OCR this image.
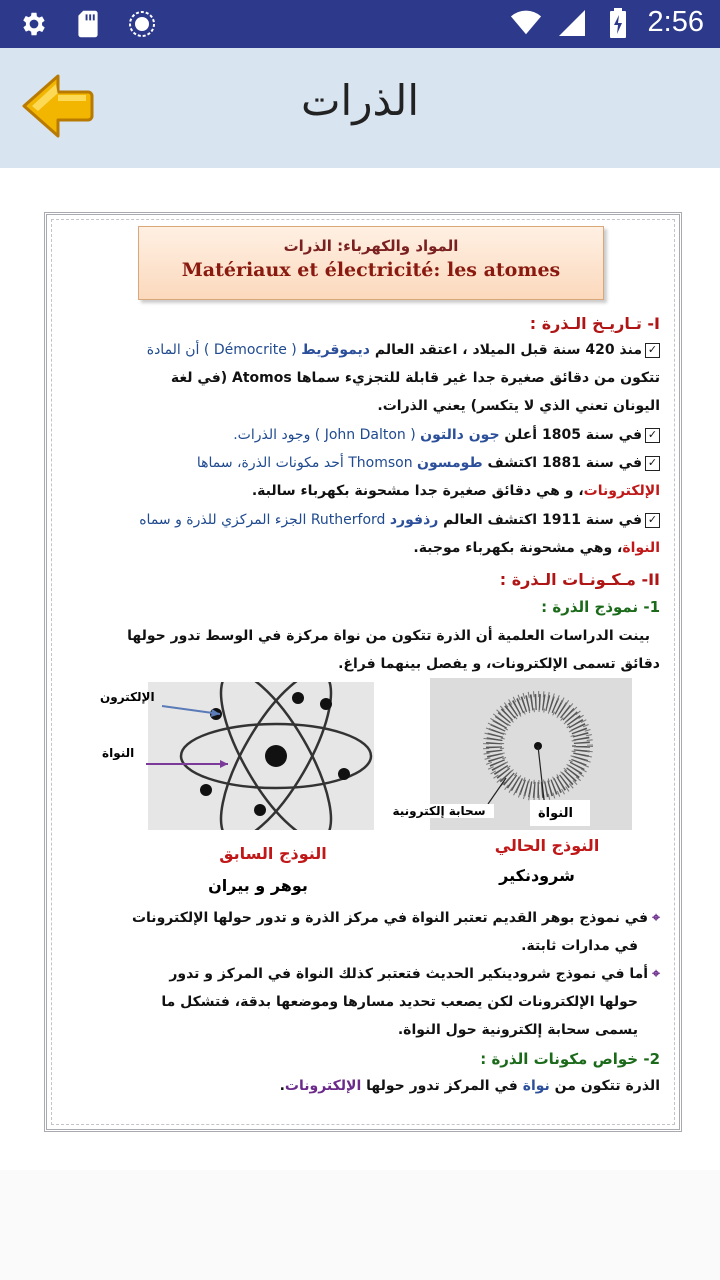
2:56
الذرات
المواد والكهرباء: الذرات
Matériaux et électricité: les atomes
I- تـاريـخ الـذرة :
✓منذ 420 سنة قبل الميلاد ، اعتقد العالم ديموقريط ( Démocrite ) أن المادة
تتكون من دقائق صغيرة جدا غير قابلة للتجزيء سماها Atomos (في لغة
اليونان تعني الذي لا يتكسر) يعني الذرات.
✓في سنة 1805 أعلن جون دالتون ( John Dalton ) وجود الذرات.
✓في سنة 1881 اكتشف طومسون Thomson أحد مكونات الذرة، سماها
الإلكترونات، و هي دقائق صغيرة جدا مشحونة بكهرباء سالبة.
✓في سنة 1911 اكتشف العالم رذفورد Rutherford الجزء المركزي للذرة و سماه
النواة، وهي مشحونة بكهرباء موجبة.
II- مـكـونـات الـذرة :
1- نموذج الذرة :
بينت الدراسات العلمية أن الذرة تتكون من نواة مركزة في الوسط تدور حولها
دقائق تسمى الإلكترونات، و يفصل بينهما فراغ.
الإلكترون
النواة
سحابة إلكترونية	النواة
النوذج السابق
بوهر و بيران
النوذج الحالي
شرودنكير
⌖في نموذج بوهر القديم تعتبر النواة في مركز الذرة و تدور حولها الإلكترونات
في مدارات ثابتة.
⌖أما في نموذج شرودينكير الحديث فتعتبر كذلك النواة في المركز و تدور
حولها الإلكترونات لكن يصعب تحديد مسارها وموضعها بدقة، فتشكل ما
يسمى سحابة إلكترونية حول النواة.
2- خواص مكونات الذرة :
الذرة تتكون من نواة في المركز تدور حولها الإلكترونات.
